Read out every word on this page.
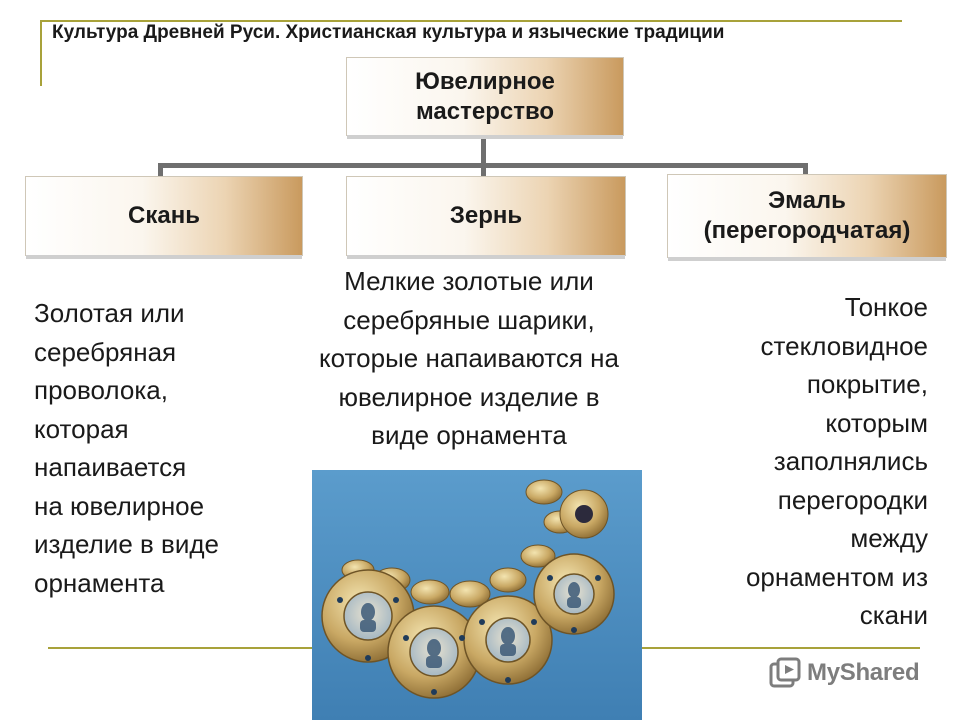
Культура Древней Руси. Христианская культура и языческие традиции
Ювелирное мастерство
Скань	Зернь
Эмаль (перегородчатая)
Золотая или
серебряная
проволока,
которая
напаивается
на ювелирное
изделие в виде
орнамента
Мелкие золотые или
серебряные шарики,
которые напаиваются на
ювелирное изделие в
виде орнамента
Тонкое
стекловидное
покрытие,
которым
заполнялись
перегородки
между
орнаментом из
скани
MyShared
